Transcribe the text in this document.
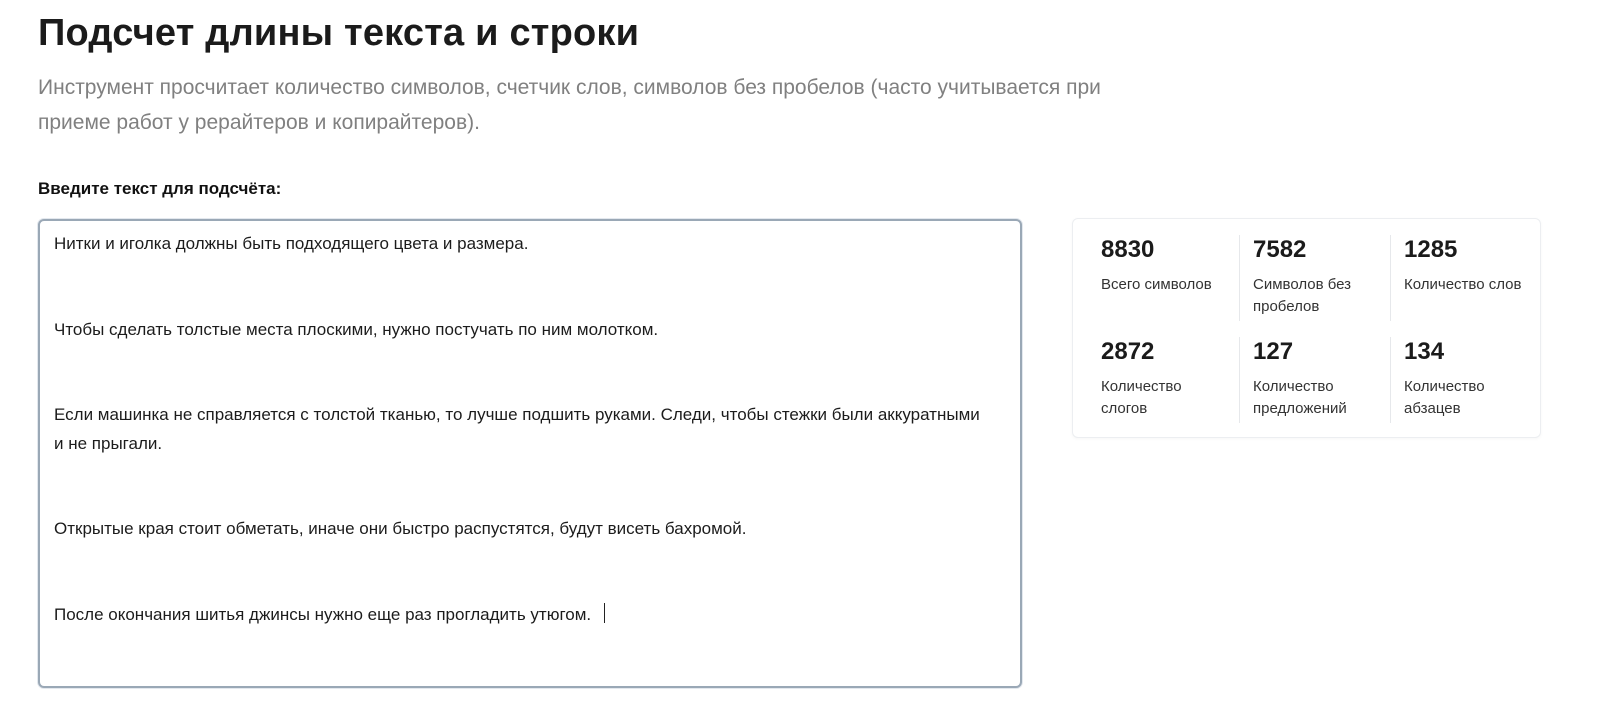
Подсчет длины текста и строки

Инструмент просчитает количество символов, счетчик слов, символов без пробелов (часто учитывается при приеме работ у рерайтеров и копирайтеров).

Введите текст для подсчёта:

Нитки и иголка должны быть подходящего цвета и размера.

Чтобы сделать толстые места плоскими, нужно постучать по ним молотком.

Если машинка не справляется с толстой тканью, то лучше подшить руками. Следи, чтобы стежки были аккуратными и не прыгали.

Открытые края стоит обметать, иначе они быстро распустятся, будут висеть бахромой.

После окончания шитья джинсы нужно еще раз прогладить утюгом.

8830
Всего символов
7582
Символов без пробелов
1285
Количество слов
2872
Количество слогов
127
Количество предложений
134
Количество абзацев
